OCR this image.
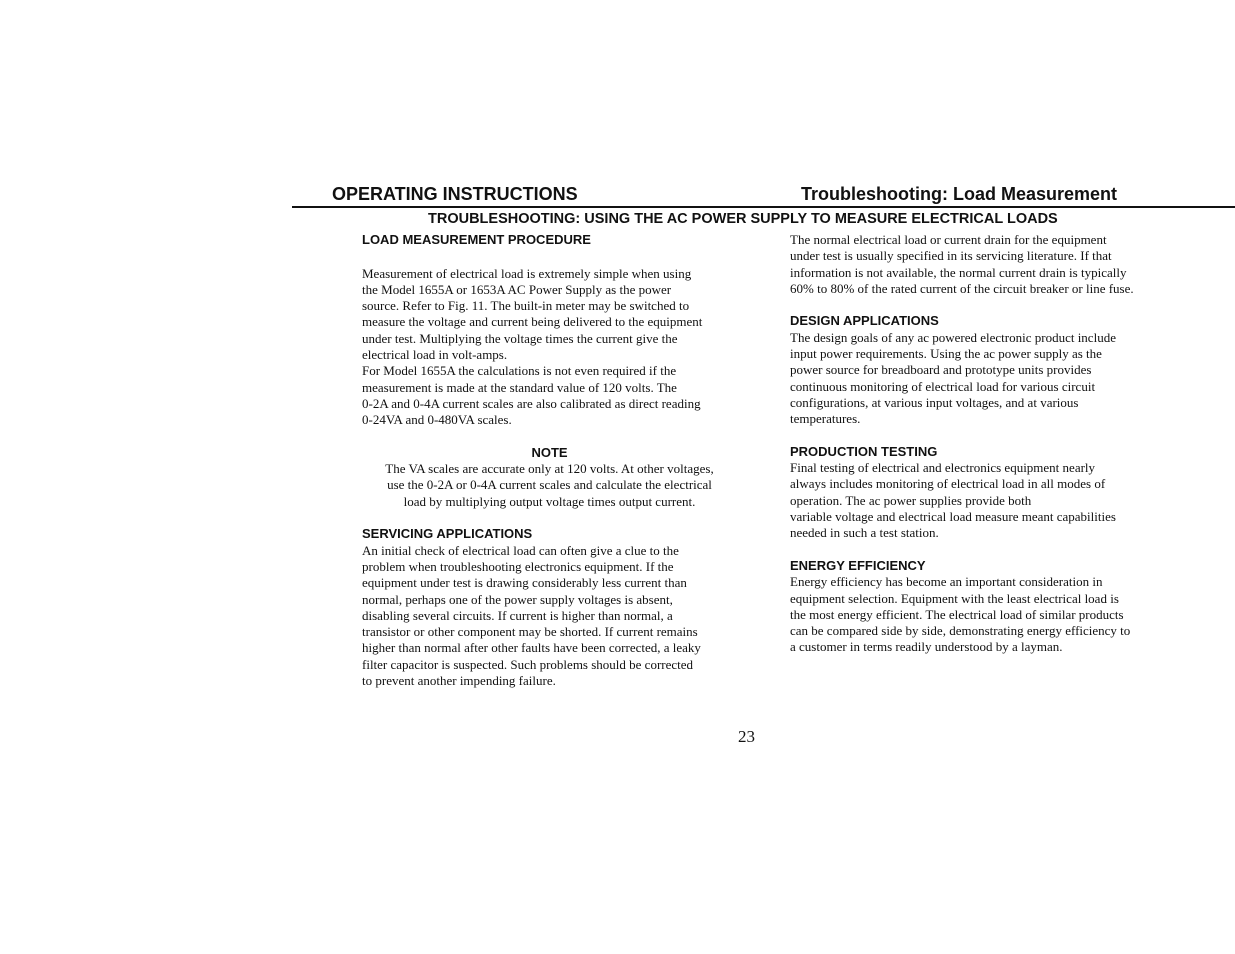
OPERATING INSTRUCTIONS	Troubleshooting: Load Measurement
TROUBLESHOOTING: USING THE AC POWER SUPPLY TO MEASURE ELECTRICAL LOADS

LOAD MEASUREMENT PROCEDURE

Measurement of electrical load is extremely simple when using
the Model 1655A or 1653A AC Power Supply as the power
source. Refer to Fig. 11. The built-in meter may be switched to
measure the voltage and current being delivered to the equipment
under test. Multiplying the voltage times the current give the
electrical load in volt-amps.

For Model 1655A the calculations is not even required if the
measurement is made at the standard value of 120 volts. The
0-2A and 0-4A current scales are also calibrated as direct reading
0-24VA and 0-480VA scales.

NOTE

The VA scales are accurate only at 120 volts. At other voltages,
use the 0-2A or 0-4A current scales and calculate the electrical
load by multiplying output voltage times output current.

SERVICING APPLICATIONS

An initial check of electrical load can often give a clue to the
problem when troubleshooting electronics equipment. If the
equipment under test is drawing considerably less current than
normal, perhaps one of the power supply voltages is absent,
disabling several circuits. If current is higher than normal, a
transistor or other component may be shorted. If current remains
higher than normal after other faults have been corrected, a leaky
filter capacitor is suspected. Such problems should be corrected
to prevent another impending failure.

The normal electrical load or current drain for the equipment
under test is usually specified in its servicing literature. If that
information is not available, the normal current drain is typically
60% to 80% of the rated current of the circuit breaker or line fuse.

DESIGN APPLICATIONS

The design goals of any ac powered electronic product include
input power requirements. Using the ac power supply as the
power source for breadboard and prototype units provides
continuous monitoring of electrical load for various circuit
configurations, at various input voltages, and at various
temperatures.

PRODUCTION TESTING

Final testing of electrical and electronics equipment nearly
always includes monitoring of electrical load in all modes of
operation. The ac power supplies provide both
variable voltage and electrical load measure meant capabilities
needed in such a test station.

ENERGY EFFICIENCY

Energy efficiency has become an important consideration in
equipment selection. Equipment with the least electrical load is
the most energy efficient. The electrical load of similar products
can be compared side by side, demonstrating energy efficiency to
a customer in terms readily understood by a layman.

23
